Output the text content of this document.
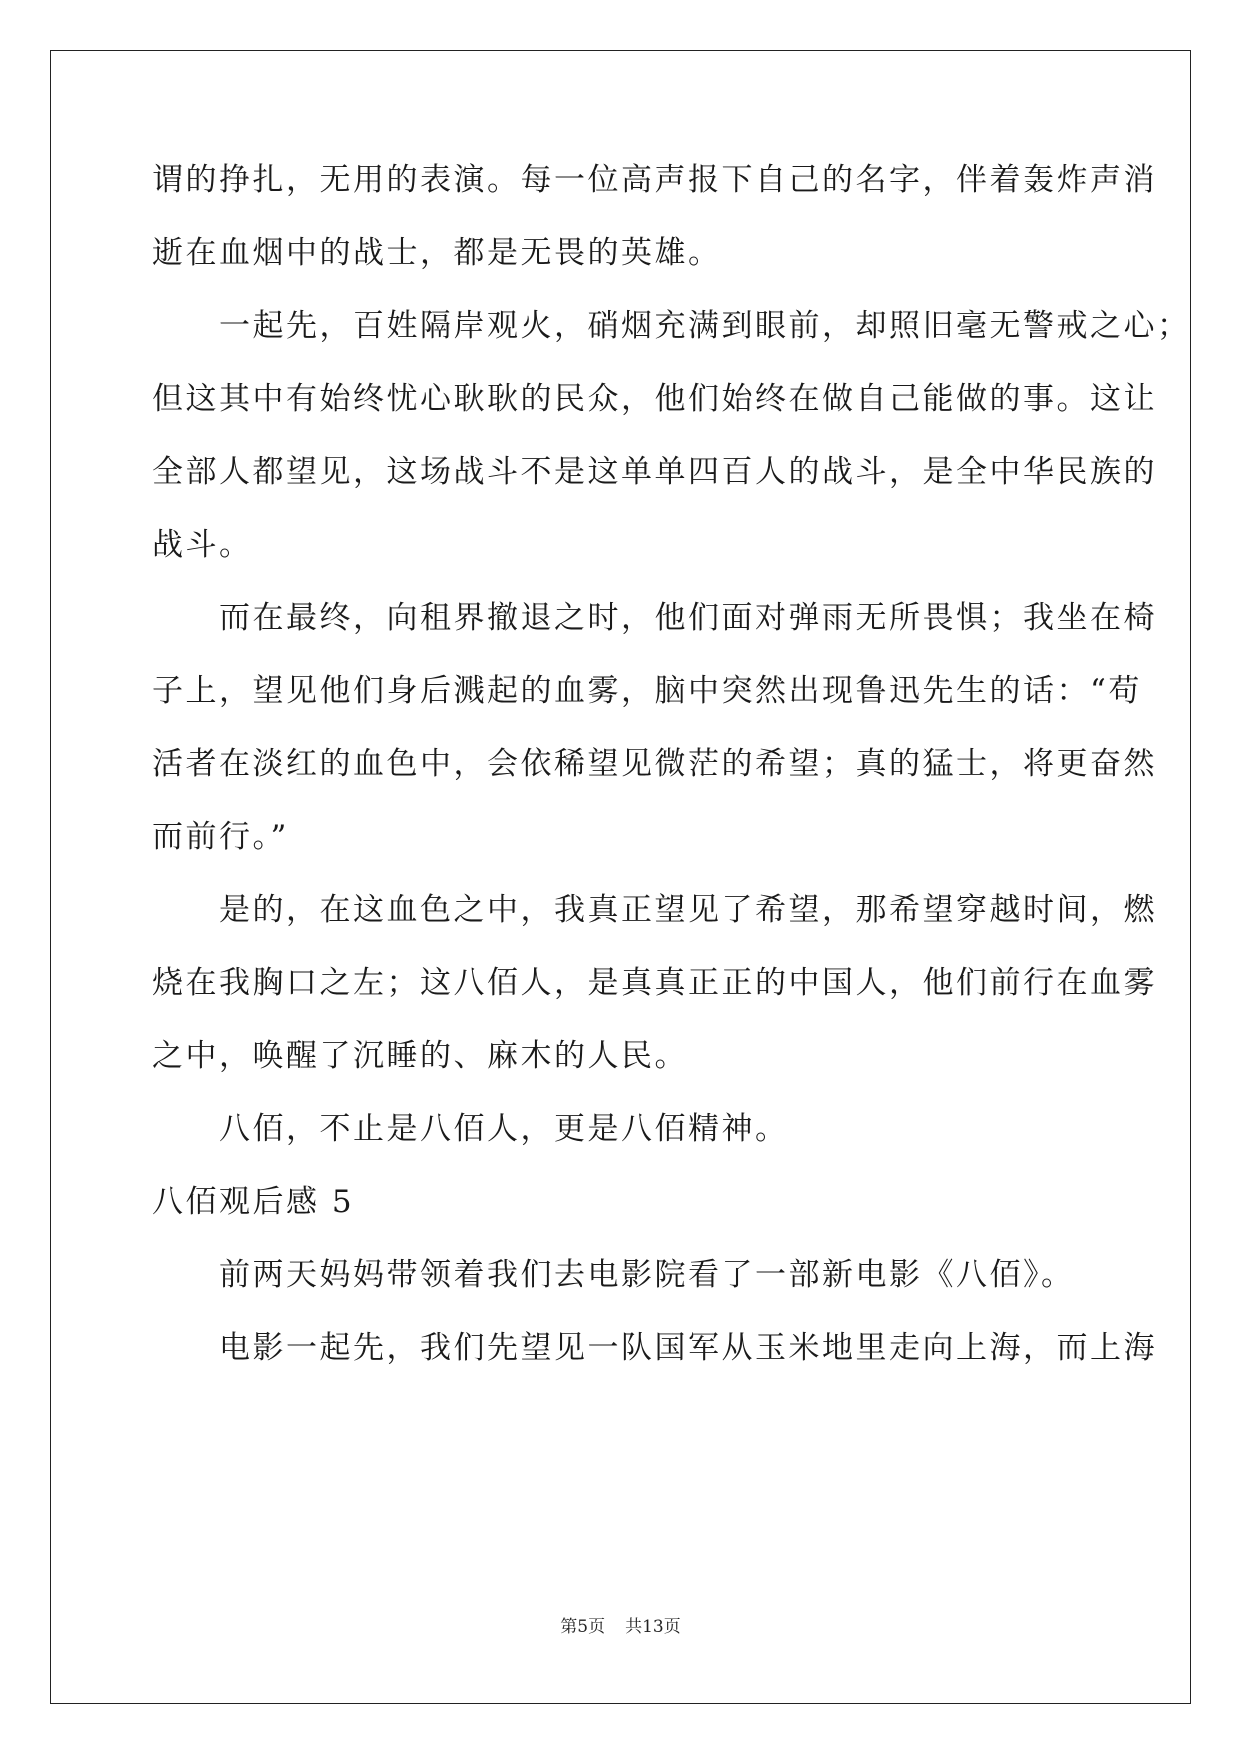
谓的挣扎，无用的表演。每一位高声报下自己的名字，伴着轰炸声消
逝在血烟中的战士，都是无畏的英雄。
　　一起先，百姓隔岸观火，硝烟充满到眼前，却照旧毫无警戒之心；
但这其中有始终忧心耿耿的民众，他们始终在做自己能做的事。这让
全部人都望见，这场战斗不是这单单四百人的战斗，是全中华民族的
战斗。
　　而在最终，向租界撤退之时，他们面对弹雨无所畏惧；我坐在椅
子上，望见他们身后溅起的血雾，脑中突然出现鲁迅先生的话：“苟
活者在淡红的血色中，会依稀望见微茫的希望；真的猛士，将更奋然
而前行。”
　　是的，在这血色之中，我真正望见了希望，那希望穿越时间，燃
烧在我胸口之左；这八佰人，是真真正正的中国人，他们前行在血雾
之中，唤醒了沉睡的、麻木的人民。
　　八佰，不止是八佰人，更是八佰精神。
八佰观后感 5
　　前两天妈妈带领着我们去电影院看了一部新电影《八佰》。
　　电影一起先，我们先望见一队国军从玉米地里走向上海，而上海
第5页 共13页
